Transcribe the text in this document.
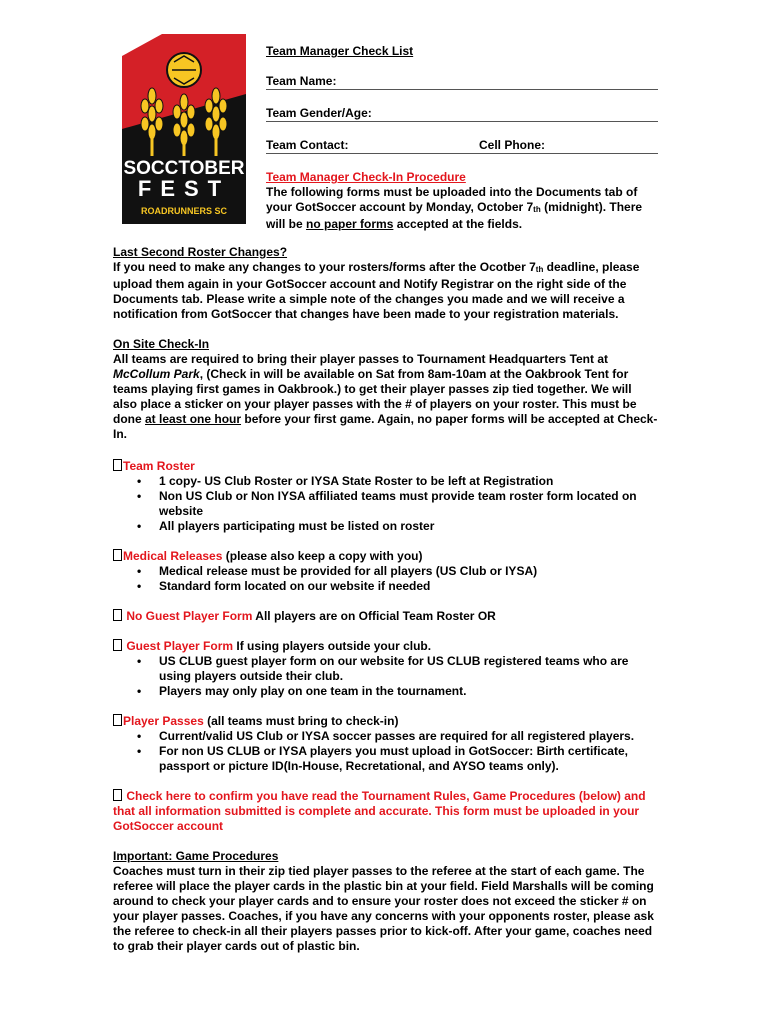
SOCCTOBER
FEST
ROADRUNNERS SC
Team Manager Check List
Team Name:
Team Gender/Age:
Team Contact:	Cell Phone:
Team Manager Check-In Procedure
The following forms must be uploaded into the Documents tab of your GotSoccer account by Monday, October $7_{th}$ (midnight). There will be no paper forms accepted at the fields.

Last Second Roster Changes?

If you need to make any changes to your rosters/forms after the Ocotber $7_{th}$ deadline, please upload them again in your GotSoccer account and Notify Registrar on the right side of the Documents tab. Please write a simple note of the changes you made and we will receive a notification from GotSoccer that changes have been made to your registration materials.

On Site Check-In

All teams are required to bring their player passes to Tournament Headquarters Tent at McCollum Park, (Check in will be available on Sat from 8am-10am at the Oakbrook Tent for teams playing first games in Oakbrook.) to get their player passes zip tied together. We will also place a sticker on your player passes with the # of players on your roster. This must be done at least one hour before your first game. Again, no paper forms will be accepted at Check-In.

Team Roster

• 1 copy- US Club Roster or IYSA State Roster to be left at Registration
• Non US Club or Non IYSA affiliated teams must provide team roster form located on website
• All players participating must be listed on roster

Medical Releases (please also keep a copy with you)

• Medical release must be provided for all players (US Club or IYSA)
• Standard form located on our website if needed

No Guest Player Form All players are on Official Team Roster OR

Guest Player Form If using players outside your club.

• US CLUB guest player form on our website for US CLUB registered teams who are using players outside their club.
• Players may only play on one team in the tournament.

Player Passes (all teams must bring to check-in)

• Current/valid US Club or IYSA soccer passes are required for all registered players.
• For non US CLUB or IYSA players you must upload in GotSoccer: Birth certificate, passport or picture ID(In-House, Recretational, and AYSO teams only).

Check here to confirm you have read the Tournament Rules, Game Procedures (below) and that all information submitted is complete and accurate. This form must be uploaded in your GotSoccer account

Important: Game Procedures

Coaches must turn in their zip tied player passes to the referee at the start of each game. The referee will place the player cards in the plastic bin at your field. Field Marshalls will be coming around to check your player cards and to ensure your roster does not exceed the sticker # on your player passes. Coaches, if you have any concerns with your opponents roster, please ask the referee to check-in all their players passes prior to kick-off. After your game, coaches need to grab their player cards out of plastic bin.
